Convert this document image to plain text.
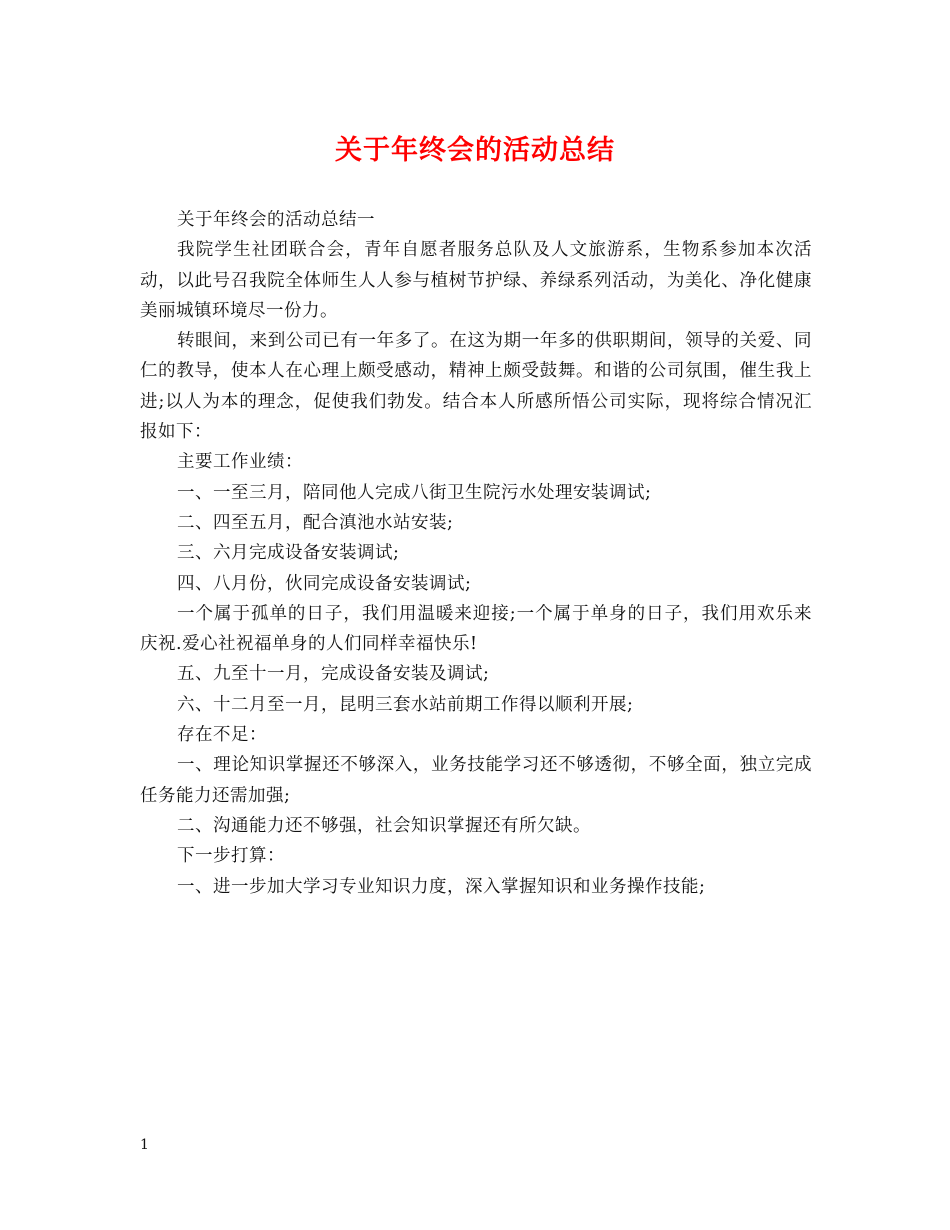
关于年终会的活动总结

关于年终会的活动总结一

我院学生社团联合会，青年自愿者服务总队及人文旅游系，生物系参加本次活动，以此号召我院全体师生人人参与植树节护绿、养绿系列活动，为美化、净化健康美丽城镇环境尽一份力。

转眼间，来到公司已有一年多了。在这为期一年多的供职期间，领导的关爱、同仁的教导，使本人在心理上颇受感动，精神上颇受鼓舞。和谐的公司氛围，催生我上进;以人为本的理念，促使我们勃发。结合本人所感所悟公司实际，现将综合情况汇报如下：

主要工作业绩：

一、一至三月，陪同他人完成八街卫生院污水处理安装调试;

二、四至五月，配合滇池水站安装;

三、六月完成设备安装调试;

四、八月份，伙同完成设备安装调试;

一个属于孤单的日子，我们用温暖来迎接;一个属于单身的日子，我们用欢乐来庆祝.爱心社祝福单身的人们同样幸福快乐!

五、九至十一月，完成设备安装及调试;

六、十二月至一月，昆明三套水站前期工作得以顺利开展;

存在不足：

一、理论知识掌握还不够深入，业务技能学习还不够透彻，不够全面，独立完成任务能力还需加强;

二、沟通能力还不够强，社会知识掌握还有所欠缺。

下一步打算：

一、进一步加大学习专业知识力度，深入掌握知识和业务操作技能;

1
